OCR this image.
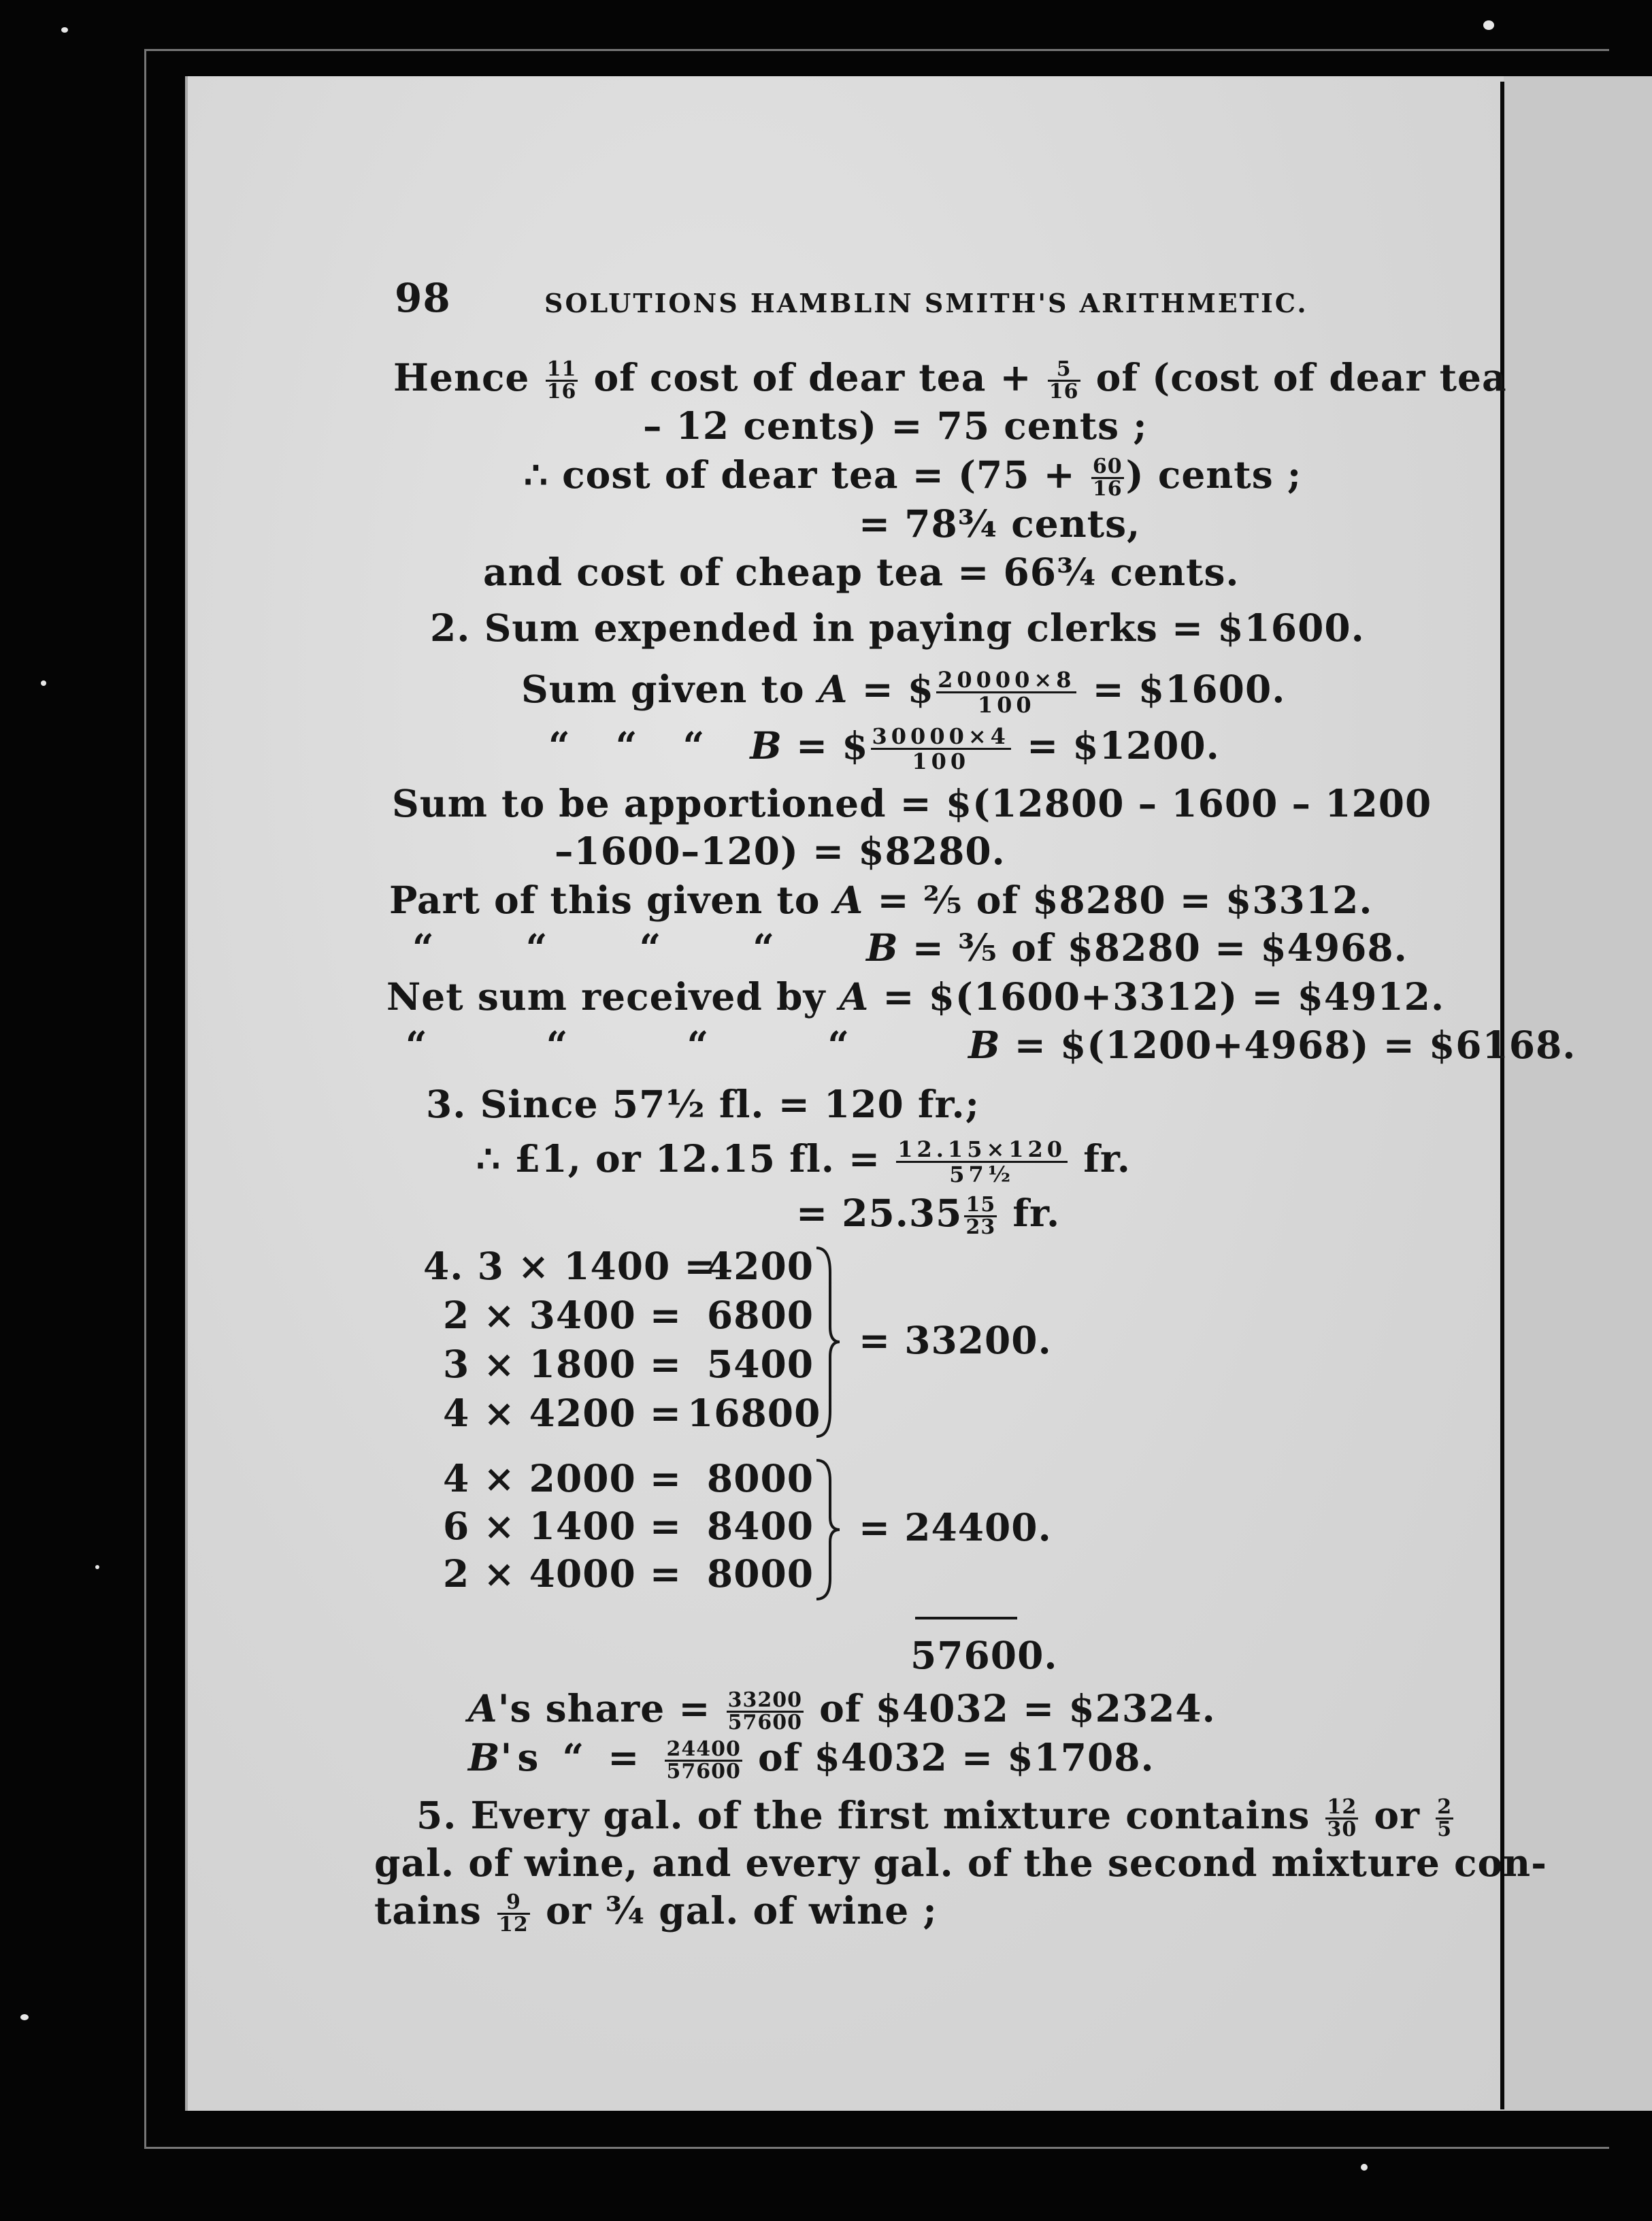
98	SOLUTIONS HAMBLIN SMITH'S ARITHMETIC.
Hence $\frac{11}{16}$ of cost of dear tea + $\frac{5}{16}$ of (cost of dear tea
– 12 cents) = 75 cents ;
∴ cost of dear tea = ($75 + \frac{60}{16}$ ) cents ;
= 78¾ cents,
and cost of cheap tea = 66¾ cents.
2. Sum expended in paying clerks = $1600.
Sum given to A = $ $\frac{20000\times 8}{100}$ = $1600.
“ “ “ B = $ $\frac{30000\times 4}{100}$ = $1200.
Sum to be apportioned = $(12800 – 1600 – 1200
–1600–120) = $8280.
Part of this given to A = ⅖ of $8280 = $3312.
“ “ “ “ B = ⅗ of $8280 = $4968.
Net sum received by A = $(1600+3312) = $4912.
“ “ “ “ B = $(1200+4968) = $6168.
3. Since 57½ fl. = 120 fr.;
∴ £1, or 12.15 fl. = $\frac{12.15\times 120}{\text{57½}}$ fr.
= $25.35 \frac{15}{23}$ fr.
4. 3 × 1400 =
4200
2 × 3400 = 6800
3 × 1800 = 5400
4 × 4200 = 16800
= 33200.
4 × 2000 = 8000
6 × 1400 = 8400
2 × 4000 = 8000
= 24400.
57600.
A's share = $\frac{33200}{57600}$ of $4032 = $2324.
B's “ = $\frac{24400}{57600}$ of $4032 = $1708.
5. Every gal. of the first mixture contains $\frac{12}{30}$ or $\frac{2}{5}$
gal. of wine, and every gal. of the second mixture con-
tains $\frac{9}{12}$ or ¾ gal. of wine ;
